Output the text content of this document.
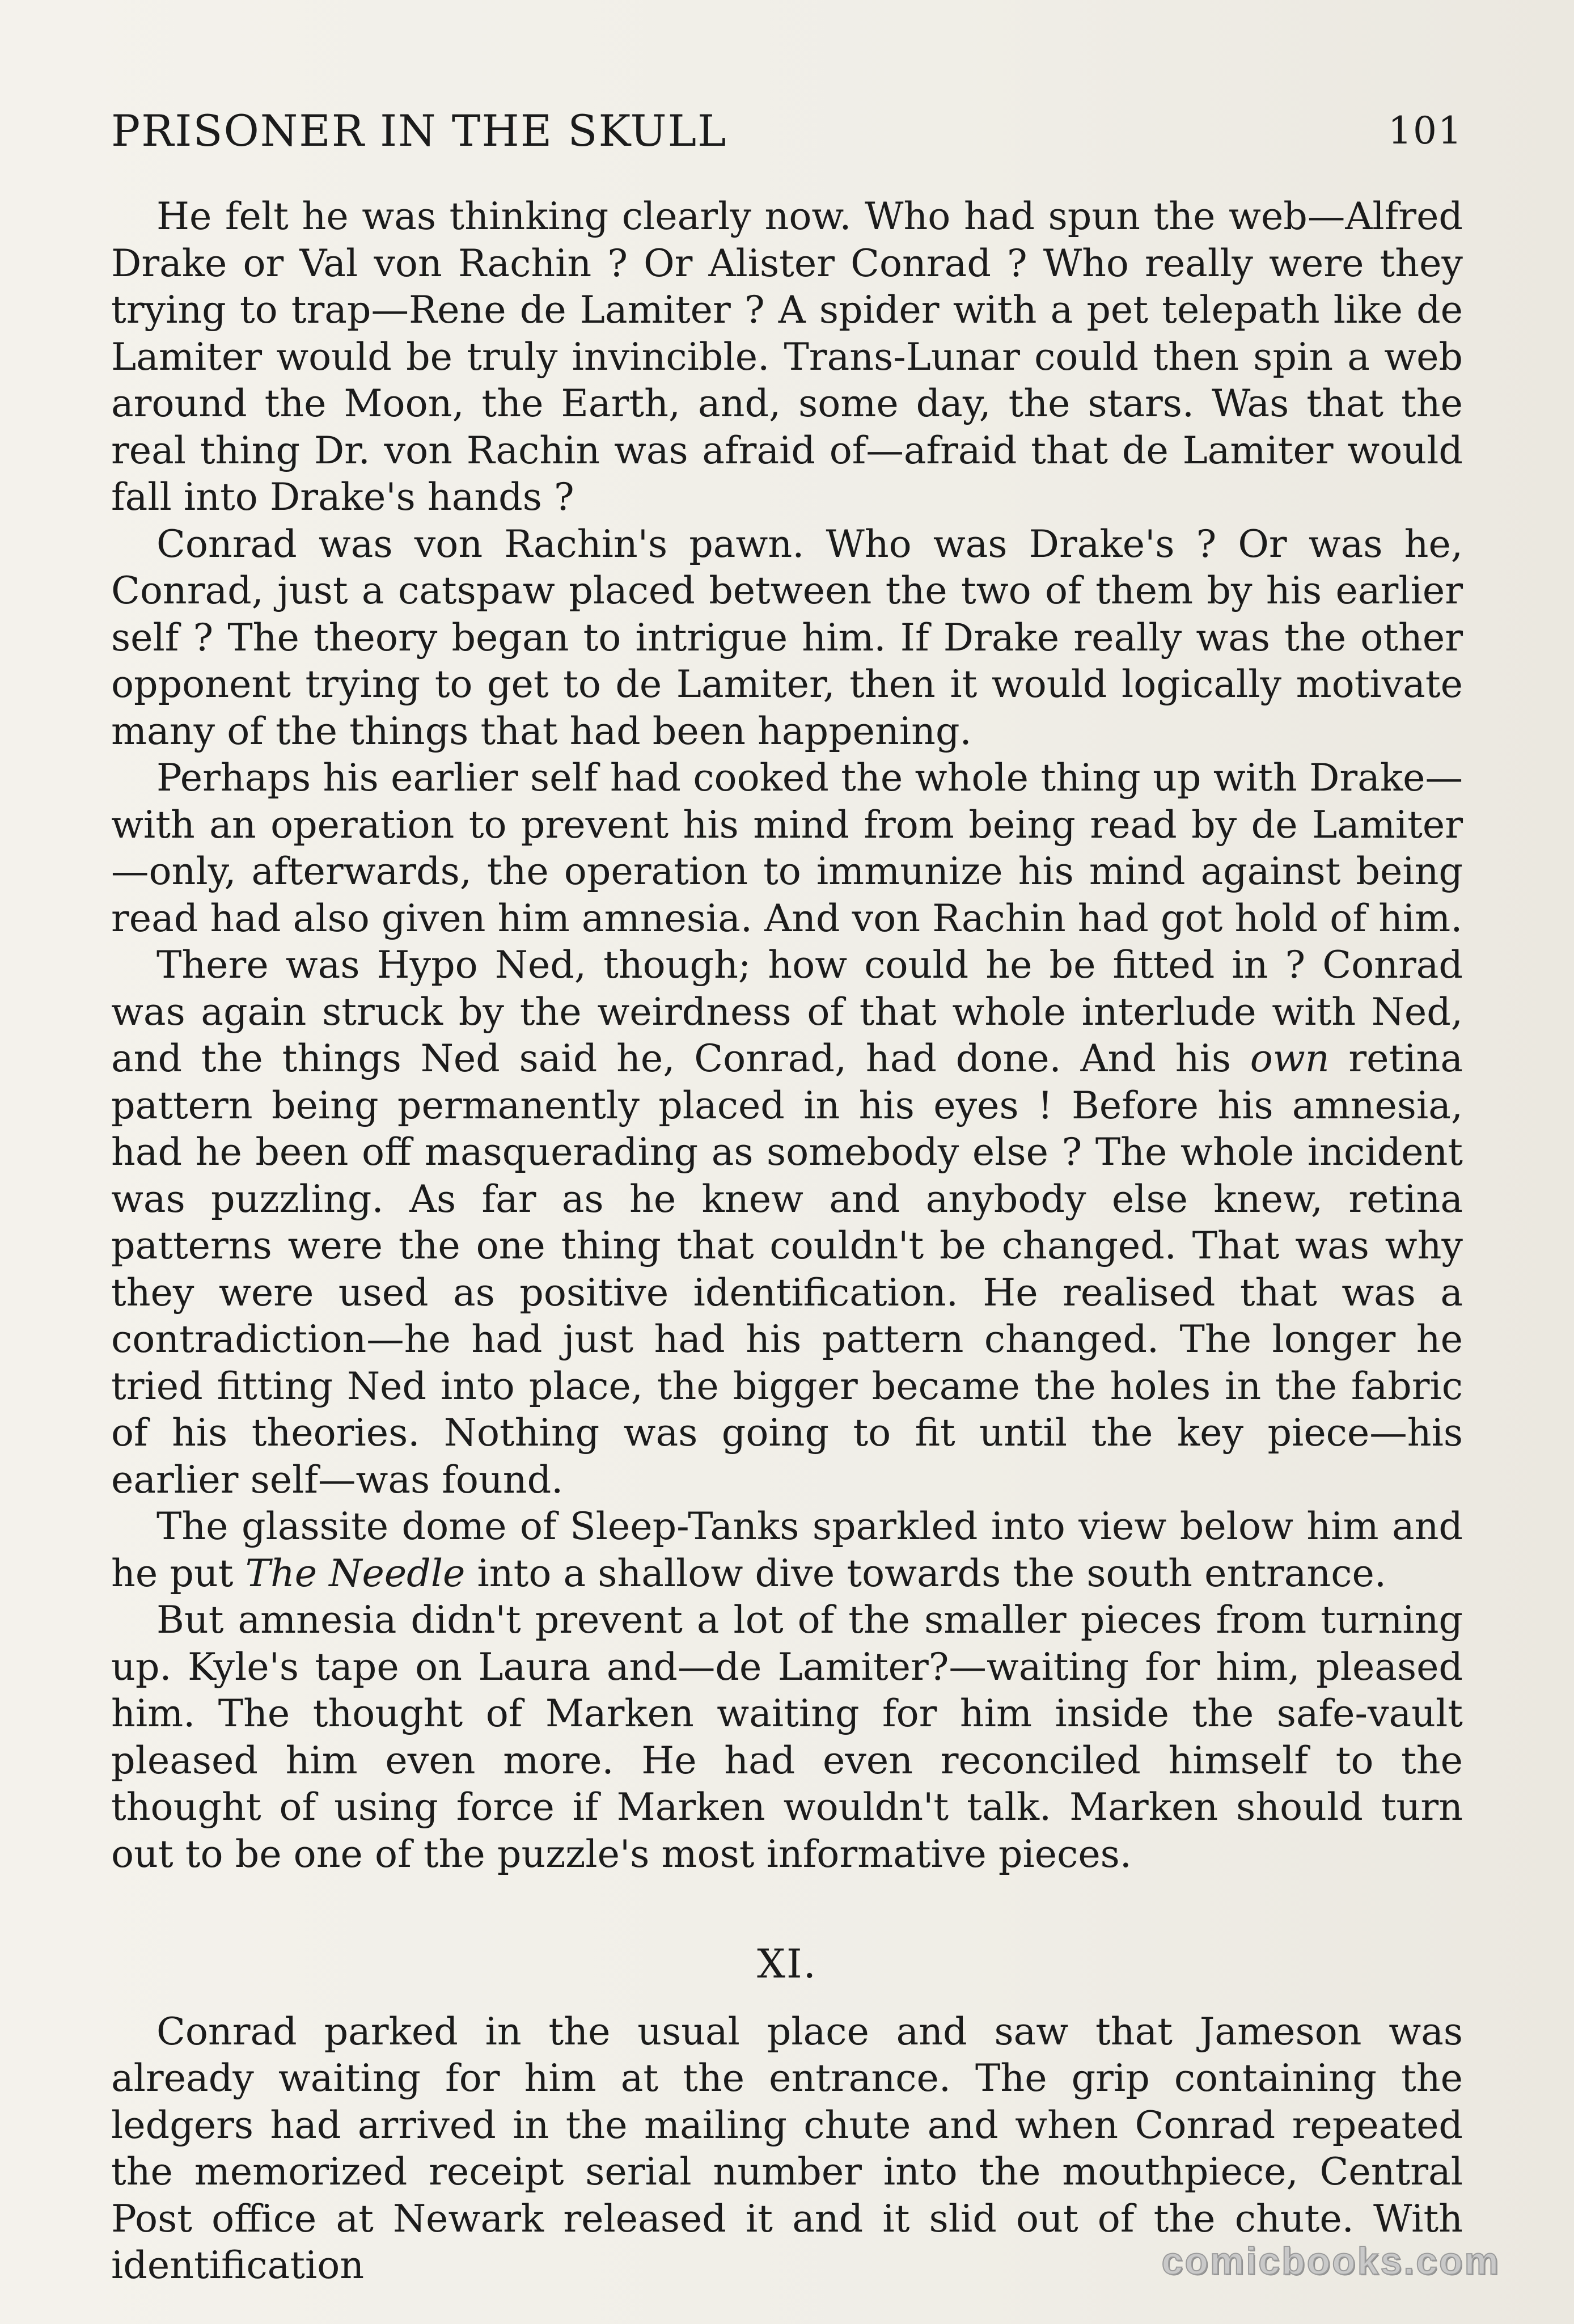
PRISONER IN THE SKULL	101

He felt he was thinking clearly now. Who had spun the web—Alfred Drake or Val von Rachin ? Or Alister Conrad ? Who really were they trying to trap—Rene de Lamiter ? A spider with a pet telepath like de Lamiter would be truly invincible. Trans-Lunar could then spin a web around the Moon, the Earth, and, some day, the stars. Was that the real thing Dr. von Rachin was afraid of—afraid that de Lamiter would fall into Drake's hands ?

Conrad was von Rachin's pawn. Who was Drake's ? Or was he, Conrad, just a catspaw placed between the two of them by his earlier self ? The theory began to intrigue him. If Drake really was the other opponent trying to get to de Lamiter, then it would logically motivate many of the things that had been happening.

Perhaps his earlier self had cooked the whole thing up with Drake—with an operation to prevent his mind from being read by de Lamiter—only, afterwards, the operation to immunize his mind against being read had also given him amnesia. And von Rachin had got hold of him.

There was Hypo Ned, though; how could he be fitted in ? Conrad was again struck by the weirdness of that whole interlude with Ned, and the things Ned said he, Conrad, had done. And his own retina pattern being permanently placed in his eyes ! Before his amnesia, had he been off masquerading as somebody else ? The whole incident was puzzling. As far as he knew and anybody else knew, retina patterns were the one thing that couldn't be changed. That was why they were used as positive identification. He realised that was a contradiction—he had just had his pattern changed. The longer he tried fitting Ned into place, the bigger became the holes in the fabric of his theories. Nothing was going to fit until the key piece—his earlier self—was found.

The glassite dome of Sleep-Tanks sparkled into view below him and he put The Needle into a shallow dive towards the south entrance.

But amnesia didn't prevent a lot of the smaller pieces from turning up. Kyle's tape on Laura and—de Lamiter?—waiting for him, pleased him. The thought of Marken waiting for him inside the safe-vault pleased him even more. He had even reconciled himself to the thought of using force if Marken wouldn't talk. Marken should turn out to be one of the puzzle's most informative pieces.

XI.

Conrad parked in the usual place and saw that Jameson was already waiting for him at the entrance. The grip containing the ledgers had arrived in the mailing chute and when Conrad repeated the memorized receipt serial number into the mouthpiece, Central Post office at Newark released it and it slid out of the chute. With identification	comicbooks.com
